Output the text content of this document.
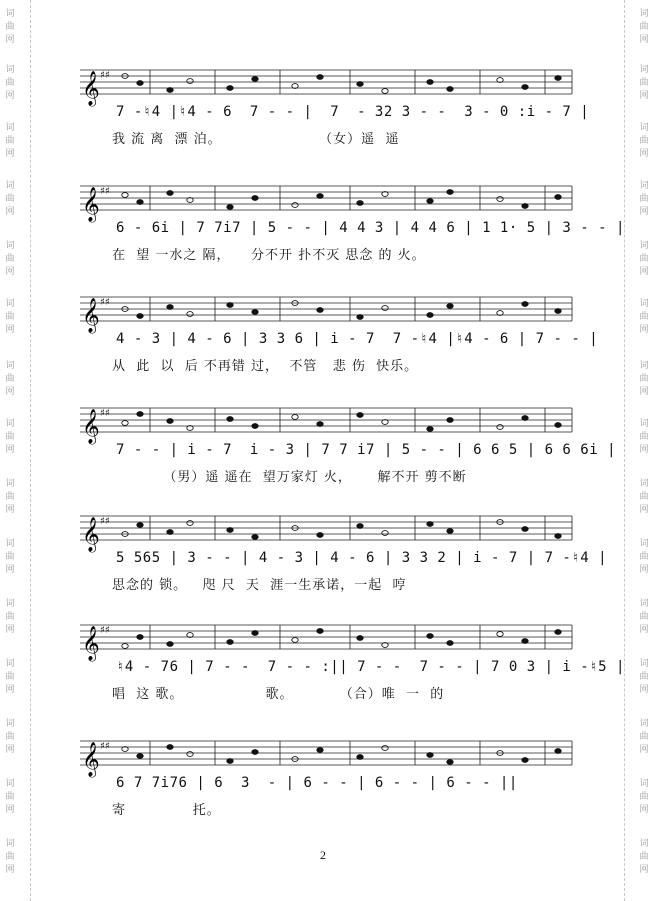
词曲网
词曲网
词曲网
词曲网
词曲网
词曲网
词曲网
词曲网
词曲网
词曲网
词曲网
词曲网
词曲网
词曲网
词曲网
词曲网
词曲网
词曲网
词曲网
词曲网
词曲网
词曲网
词曲网
词曲网
词曲网
词曲网
词曲网
词曲网
词曲网
词曲网
𝄞 ♯♯
7 -♮4 |♮4 - 6  7 - - |  7  - 32 3 - -  3 - 0 :i - 7 |
我 流 离  漂 泊。                   （女）遥  遥
𝄞 ♯♯
6 - 6i | 7 7i7 | 5 - - | 4 4 3 | 4 4 6 | 1 1· 5 | 3 - - |
在  望 一水之 隔，    分不开 扑不灭 思念 的 火。
𝄞 ♯♯
4 - 3 | 4 - 6 | 3 3 6 | i - 7  7 -♮4 |♮4 - 6 | 7 - - |
从  此  以  后 不再错 过，  不管   悲 伤  快乐。
𝄞 ♯♯
7 - - | i - 7  i - 3 | 7 7 i7 | 5 - - | 6 6 5 | 6 6 6i |
（男）遥 遥在  望万家灯 火，     解不开 剪不断
𝄞 ♯♯
5 565 | 3 - - | 4 - 3 | 4 - 6 | 3 3 2 | i - 7 | 7 -♮4 |
思念的 锁。   咫 尺  天  涯一生承诺，一起  哼
𝄞 ♯♯
♮4 - 76 | 7 - -  7 - - :|| 7 - -  7 - - | 7 0 3 | i -♮5 |
唱  这 歌。                歌。         （合）唯  一  的
𝄞 ♯♯
6 7 7i76 | 6  3  - | 6 - - | 6 - - | 6 - - ||
寄             托。
2
